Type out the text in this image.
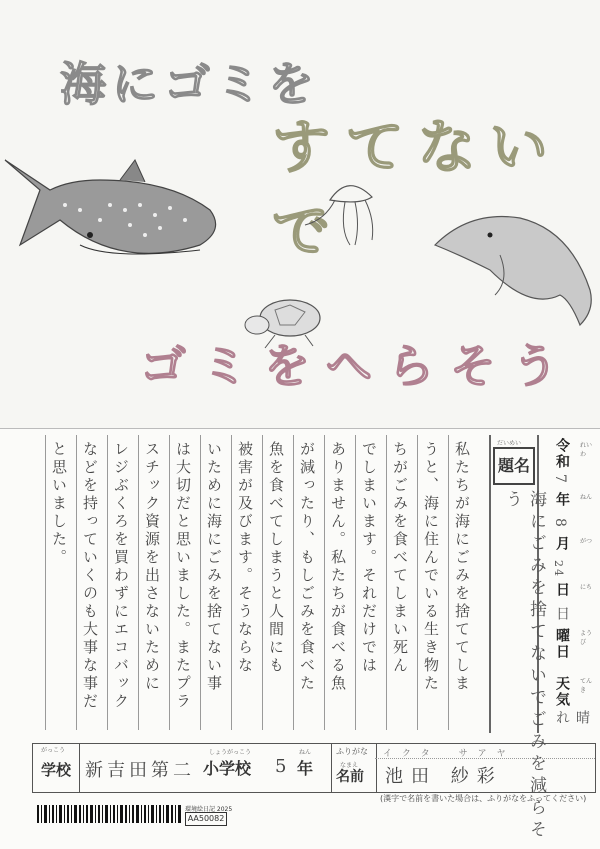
海にゴミを
すてないで
ゴミをへらそう
れいわ
令和
7
年	ねん
8
月	がつ
24
日	にち
日
曜日	ようび
天気	てんき
晴れ
だいめい
題名
海にごみを捨てないでごみを減らそう
私たちが海にごみを捨ててしま
うと、海に住んでいる生き物た
ちがごみを食べてしまい死ん
でしまいます。それだけでは
ありません。私たちが食べる魚
が減ったり、もしごみを食べた
魚を食べてしまうと人間にも
被害が及びます。そうならな
いために海にごみを捨てない事
は大切だと思いました。またプラ
スチック資源を出さないために
レジぶくろを買わずにエコバック
などを持っていくのも大事な事だ
と思いました。
がっこう
学校 新吉田第二
しょうがっこう
小学校 5
ねん
年
ふりがな
なまえ
名前
イクタ　サアヤ
池田 紗彩
(漢字で名前を書いた場合は、ふりがなをふってください)
環境絵日記 2025
AA50082
